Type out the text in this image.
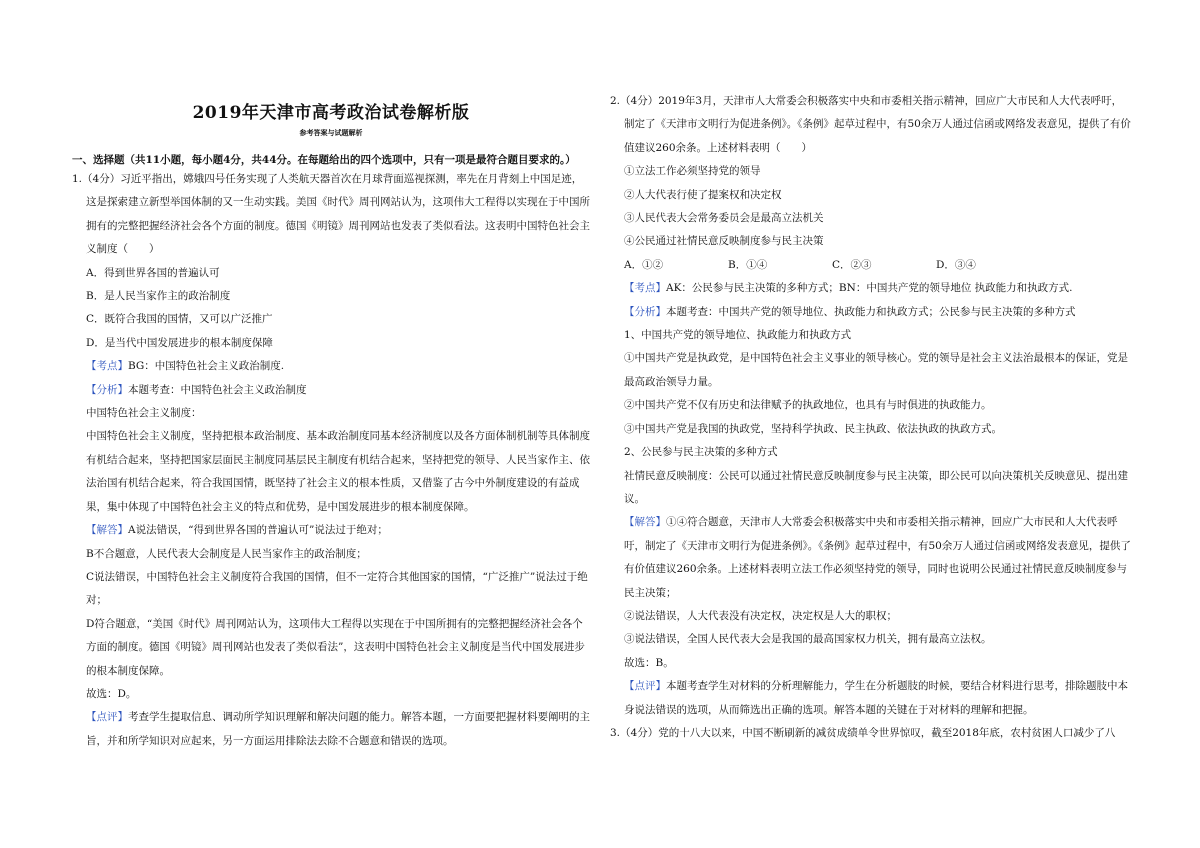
2019年天津市高考政治试卷解析版
参考答案与试题解析
一、选择题（共11小题，每小题4分，共44分。在每题给出的四个选项中，只有一项是最符合题目要求的。）

1.（4分）习近平指出，嫦娥四号任务实现了人类航天器首次在月球背面巡视探测，率先在月背刻上中国足迹，这是探索建立新型举国体制的又一生动实践。美国《时代》周刊网站认为，这项伟大工程得以实现在于中国所拥有的完整把握经济社会各个方面的制度。德国《明镜》周刊网站也发表了类似看法。这表明中国特色社会主义制度（　　）

A．得到世界各国的普遍认可

B．是人民当家作主的政治制度

C．既符合我国的国情，又可以广泛推广

D．是当代中国发展进步的根本制度保障

【考点】BG：中国特色社会主义政治制度.

【分析】本题考查：中国特色社会主义政治制度

中国特色社会主义制度：

中国特色社会主义制度，坚持把根本政治制度、基本政治制度同基本经济制度以及各方面体制机制等具体制度有机结合起来，坚持把国家层面民主制度同基层民主制度有机结合起来，坚持把党的领导、人民当家作主、依法治国有机结合起来，符合我国国情，既坚持了社会主义的根本性质，又借鉴了古今中外制度建设的有益成果，集中体现了中国特色社会主义的特点和优势，是中国发展进步的根本制度保障。

【解答】A说法错误，“得到世界各国的普遍认可”说法过于绝对；

B不合题意，人民代表大会制度是人民当家作主的政治制度；

C说法错误，中国特色社会主义制度符合我国的国情，但不一定符合其他国家的国情，“广泛推广”说法过于绝对；

D符合题意，“美国《时代》周刊网站认为，这项伟大工程得以实现在于中国所拥有的完整把握经济社会各个方面的制度。德国《明镜》周刊网站也发表了类似看法”，这表明中国特色社会主义制度是当代中国发展进步的根本制度保障。

故选：D。

【点评】考查学生提取信息、调动所学知识理解和解决问题的能力。解答本题，一方面要把握材料要阐明的主旨，并和所学知识对应起来，另一方面运用排除法去除不合题意和错误的选项。

2.（4分）2019年3月，天津市人大常委会积极落实中央和市委相关指示精神，回应广大市民和人大代表呼吁，制定了《天津市文明行为促进条例》。《条例》起草过程中，有50余万人通过信函或网络发表意见，提供了有价值建议260余条。上述材料表明（　　）

①立法工作必须坚持党的领导

②人大代表行使了提案权和决定权

③人民代表大会常务委员会是最高立法机关

④公民通过社情民意反映制度参与民主决策

A．①②	B．①④	C．②③	D．③④

【考点】AK：公民参与民主决策的多种方式；BN：中国共产党的领导地位 执政能力和执政方式.

【分析】本题考查：中国共产党的领导地位、执政能力和执政方式；公民参与民主决策的多种方式

1、中国共产党的领导地位、执政能力和执政方式

①中国共产党是执政党，是中国特色社会主义事业的领导核心。党的领导是社会主义法治最根本的保证，党是最高政治领导力量。

②中国共产党不仅有历史和法律赋予的执政地位，也具有与时俱进的执政能力。

③中国共产党是我国的执政党，坚持科学执政、民主执政、依法执政的执政方式。

2、公民参与民主决策的多种方式

社情民意反映制度：公民可以通过社情民意反映制度参与民主决策，即公民可以向决策机关反映意见、提出建议。

【解答】①④符合题意，天津市人大常委会积极落实中央和市委相关指示精神，回应广大市民和人大代表呼吁，制定了《天津市文明行为促进条例》。《条例》起草过程中，有50余万人通过信函或网络发表意见，提供了有价值建议260余条。上述材料表明立法工作必须坚持党的领导，同时也说明公民通过社情民意反映制度参与民主决策；

②说法错误，人大代表没有决定权，决定权是人大的职权；

③说法错误，全国人民代表大会是我国的最高国家权力机关，拥有最高立法权。

故选：B。

【点评】本题考查学生对材料的分析理解能力，学生在分析题肢的时候，要结合材料进行思考，排除题肢中本身说法错误的选项，从而筛选出正确的选项。解答本题的关键在于对材料的理解和把握。

3.（4分）党的十八大以来，中国不断刷新的减贫成绩单令世界惊叹，截至2018年底，农村贫困人口减少了八
